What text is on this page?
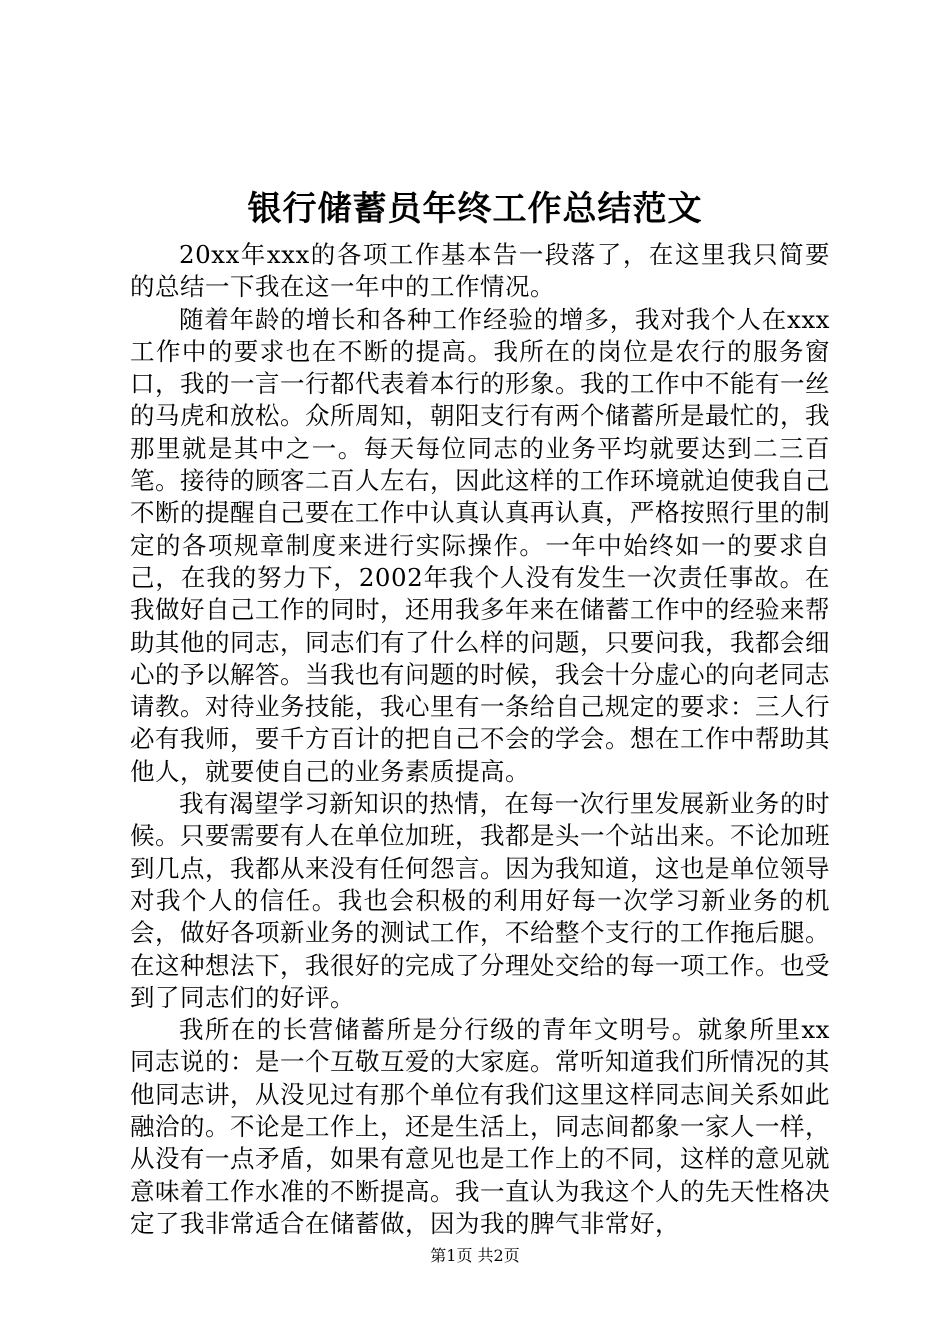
银行储蓄员年终工作总结范文

20xx年xxx的各项工作基本告一段落了，在这里我只简要的总结一下我在这一年中的工作情况。

随着年龄的增长和各种工作经验的增多，我对我个人在xxx工作中的要求也在不断的提高。我所在的岗位是农行的服务窗口，我的一言一行都代表着本行的形象。我的工作中不能有一丝的马虎和放松。众所周知，朝阳支行有两个储蓄所是最忙的，我那里就是其中之一。每天每位同志的业务平均就要达到二三百笔。接待的顾客二百人左右，因此这样的工作环境就迫使我自己不断的提醒自己要在工作中认真认真再认真，严格按照行里的制定的各项规章制度来进行实际操作。一年中始终如一的要求自己，在我的努力下，2002年我个人没有发生一次责任事故。在我做好自己工作的同时，还用我多年来在储蓄工作中的经验来帮助其他的同志，同志们有了什么样的问题，只要问我，我都会细心的予以解答。当我也有问题的时候，我会十分虚心的向老同志请教。对待业务技能，我心里有一条给自己规定的要求：三人行必有我师，要千方百计的把自己不会的学会。想在工作中帮助其他人，就要使自己的业务素质提高。

我有渴望学习新知识的热情，在每一次行里发展新业务的时候。只要需要有人在单位加班，我都是头一个站出来。不论加班到几点，我都从来没有任何怨言。因为我知道，这也是单位领导对我个人的信任。我也会积极的利用好每一次学习新业务的机会，做好各项新业务的测试工作，不给整个支行的工作拖后腿。在这种想法下，我很好的完成了分理处交给的每一项工作。也受到了同志们的好评。

我所在的长营储蓄所是分行级的青年文明号。就象所里xx同志说的：是一个互敬互爱的大家庭。常听知道我们所情况的其他同志讲，从没见过有那个单位有我们这里这样同志间关系如此融洽的。不论是工作上，还是生活上，同志间都象一家人一样，从没有一点矛盾，如果有意见也是工作上的不同，这样的意见就意味着工作水准的不断提高。我一直认为我这个人的先天性格决定了我非常适合在储蓄做，因为我的脾气非常好，

第1页 共2页
